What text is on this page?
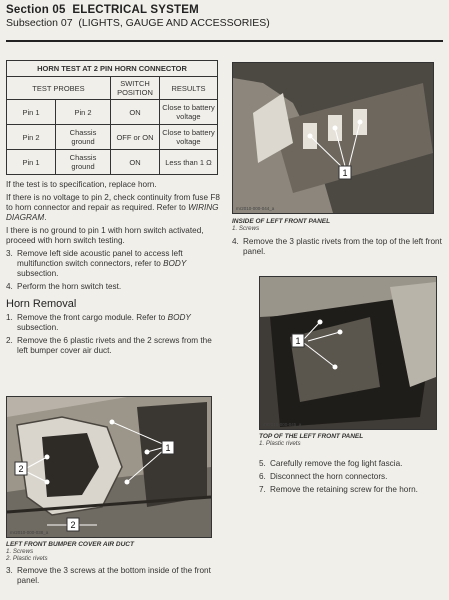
Section 05 ELECTRICAL SYSTEM
Subsection 07 (LIGHTS, GAUGE AND ACCESSORIES)
HORN TEST AT 2 PIN HORN CONNECTOR			
TEST PROBES		SWITCH POSITION	RESULTS
Pin 1	Pin 2	ON	Close to battery voltage
Pin 2	Chassis ground	OFF or ON	Close to battery voltage
Pin 1	Chassis ground	ON	Less than 1 Ω

If the test is to specification, replace horn.

If there is no voltage to pin 2, check continuity from fuse F8 to horn connector and repair as required. Refer to WIRING DIAGRAM.

I there is no ground to pin 1 with horn switch activated, proceed with horn switch testing.

3. Remove left side acoustic panel to access left multifunction switch connectors, refer to BODY subsection.
4. Perform the horn switch test.
Horn Removal
1. Remove the front cargo module. Refer to BODY subsection.
2. Remove the 6 plastic rivets and the 2 screws from the left bumper cover air duct.
2
1
2
mr2010-000-038_a
LEFT FRONT BUMPER COVER AIR DUCT
1. Screws
2. Plastic rivets
3. Remove the 3 screws at the bottom inside of the front panel.
1
mr2010-000-044_a
INSIDE OF LEFT FRONT PANEL
1. Screws
4. Remove the 3 plastic rivets from the top of the left front panel.
1
mr2010-000-045_a
TOP OF THE LEFT FRONT PANEL
1. Plastic rivets
5. Carefully remove the fog light fascia.
6. Disconnect the horn connectors.
7. Remove the retaining screw for the horn.
